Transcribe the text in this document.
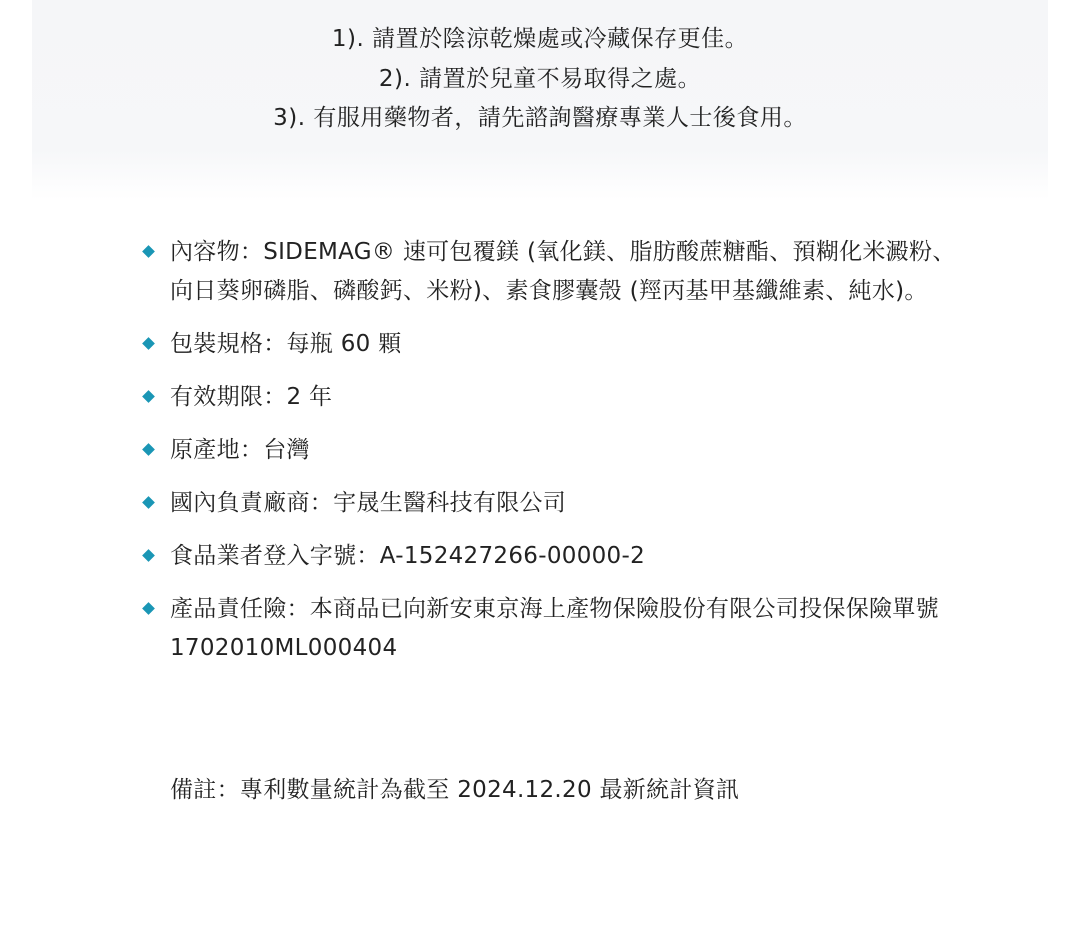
1). 請置於陰涼乾燥處或冷藏保存更佳。
2). 請置於兒童不易取得之處。
3). 有服用藥物者，請先諮詢醫療專業人士後食用。
內容物：SIDEMAG® 速可包覆鎂 (氧化鎂、脂肪酸蔗糖酯、預糊化米澱粉、向日葵卵磷脂、磷酸鈣、米粉)、素食膠囊殼 (羥丙基甲基纖維素、純水)。
包裝規格：每瓶 60 顆
有效期限：2 年
原產地：台灣
國內負責廠商：宇晟生醫科技有限公司
食品業者登入字號：A-152427266-00000-2
產品責任險：本商品已向新安東京海上產物保險股份有限公司投保保險單號 1702010ML000404
備註：專利數量統計為截至 2024.12.20 最新統計資訊
